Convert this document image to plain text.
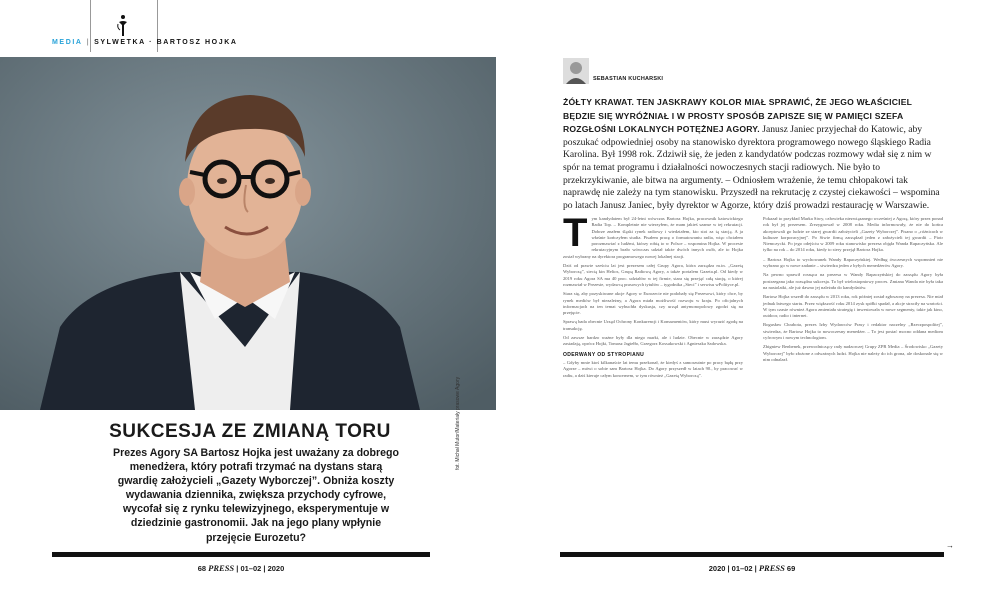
MEDIA | SYLWETKA · BARTOSZ HOJKA
SUKCESJA ZE ZMIANĄ TORU
Prezes Agory SA Bartosz Hojka jest uważany za dobrego menedżera, który potrafi trzymać na dystans starą gwardię założycieli „Gazety Wyborczej”. Obniża koszty wydawania dziennika, zwiększa przychody cyfrowe, wycofał się z rynku telewizyjnego, eksperymentuje w dziedzinie gastronomii. Jak na jego plany wpłynie przejęcie Eurozetu?
fot. Michał Mutor/Materiały prasowe Agory
68 PRESS | 01–02 | 2020
SEBASTIAN KUCHARSKI
ŻÓŁTY KRAWAT. TEN JASKRAWY KOLOR MIAŁ SPRAWIĆ, ŻE JEGO WŁAŚCICIEL BĘDZIE SIĘ WYRÓŻNIAŁ I W PROSTY SPOSÓB ZAPISZE SIĘ W PAMIĘCI SZEFA ROZGŁOŚNI LOKALNYCH POTĘŻNEJ AGORY. Janusz Janiec przyjechał do Katowic, aby poszukać odpowiedniej osoby na stanowisko dyrektora programowego nowego śląskiego Radia Karolina. Był 1998 rok. Zdziwił się, że jeden z kandydatów podczas rozmowy wdał się z nim w spór na temat programu i działalności nowoczesnych stacji radiowych. Nie było to przekrzykiwanie, ale bitwa na argumenty. – Odniosłem wrażenie, że temu chłopakowi tak naprawdę nie zależy na tym stanowisku. Przyszedł na rekrutację z czystej ciekawości – wspomina po latach Janusz Janiec, były dyrektor w Agorze, który dziś prowadzi restaurację w Warszawie.
T ym kandydatem był 24-letni wówczas Bartosz Hojka, pracownik katowickiego Radia Top. – Kompletnie nie wierzyłem, że mam jakieś szanse w tej rekrutacji. Dobrze znałem śląski rynek radiowy i wiedziałem, kto stoi za tą stacją. A ja właśnie kończyłem studia. Pisałem pracę o formatowaniu radia, więc chciałem porozmawiać z ludźmi, którzy robią to w Polsce – wspomina Hojka. W procesie rekrutacyjnym brało wówczas udział także dwóch innych osób, ale to Hojka został wybrany na dyrektora programowego nowej lokalnej stacji.

Dziś od prawie sześciu lat jest prezesem całej Grupy Agora, która zarządza m.in. „Gazetą Wyborczą”, siecią kin Helios, Grupą Radiową Agory, a także portalem Gazeta.pl. Od kiedy w 2019 roku Agora SA ma 40 proc. udziałów w tej firmie, stara się przejąć całą stację, o której rozmawiał w Prezesie, wydawcą prasowych tytułów – tygodnika „Sieci” i serwisu wPolityce.pl.

Stara się, aby pozyskiwane akcje Agory w Eurozecie nie podobały się Prezesowi, który chce, by rynek mediów był niezależny, a Agora miała możliwość rozwoju w kraju. Po oficjalnych informacjach na ten temat wybuchła dyskusja, czy urząd antymonopolowy zgodzi się na przejęcie.

Sprawą bada obecnie Urząd Ochrony Konkurencji i Konsumentów, który musi wyrazić zgodę na transakcję.

Od zawsze bardzo ważne były dla niego marki, ale i ludzie. Obecnie w zarządzie Agory zasiadają, oprócz Hojki, Tomasz Jagiełło, Grzegorz Kossakowski i Agnieszka Sadowska.

ODERWANY OD STYROPIANU

– Gdyby mnie ktoś kilkanaście lat temu przekonał, że kiedyś z samorzutnie po pracy będę przy Agorze – mówi o sobie sam Bartosz Hojka. Do Agory przyszedł w latach 90., by pracować w radiu, a dziś kieruje całym koncernem, w tym również „Gazetą Wyborczą”.

Pokazał to przykład Marka Siwy, człowieka niezwiązanego wcześniej z Agorą, który przez ponad rok był jej prezesem. Zrezygnował w 2008 roku. Media informowały, że nie do końca akceptowali go ludzie ze starej gwardii założycieli „Gazety Wyborczej”. Pisano o „różnicach w kulturze korporacyjnej”. Po Siwie firmą zarządzał jeden z założycieli tej gwardii – Piotr Niemczycki. Po jego odejściu w 2009 roku stanowisko prezesa objęła Wanda Rapaczyńska. Ale tylko na rok – do 2014 roku, kiedy to stery przejął Bartosz Hojka.

– Bartosz Hojka to wychowanek Wandy Rapaczyńskiej. Według ówczesnych wspomnień nie wybrano go w nowe zadanie – stwierdza jeden z byłych menedżerów Agory.

Na pewno sprawił rosnąca na prezesa w Wandy Rapaczyńskiej do zarządu Agory była postrzegana jako rozsądna sukcesja. To był wielostopniowy proces. Zmiana Wanda nie była taka na nastolatki, ale już dawno jej należała do kandydatów.

Bartosz Hojka wszedł do zarządu w 2013 roku, rok później został zgłoszony na prezesa. Nie miał jednak łatwego startu. Przez większość roku 2014 zysk spółki spadał, a akcje straciły na wartości. W tym czasie również Agora zmieniała strategię i inwestowała w nowe segmenty, takie jak kino, outdoor, radio i internet.

Bogusław Chrabota, prezes Izby Wydawców Prasy i redaktor naczelny „Rzeczpospolitej”, stwierdza, że Bartosz Hojka to nowoczesny menedżer. – To jest postać mocno oddana mediom cyfrowym i nowym technologiom.

Zbigniew Benbenek, przewodniczący rady nadzorczej Grupy ZPR Media – Środowisko „Gazety Wyborczej” było złożone z odważnych ludzi. Hojka nie należy do ich grona, ale doskonale się w nim odnalazł.

→
2020 | 01–02 | PRESS 69
